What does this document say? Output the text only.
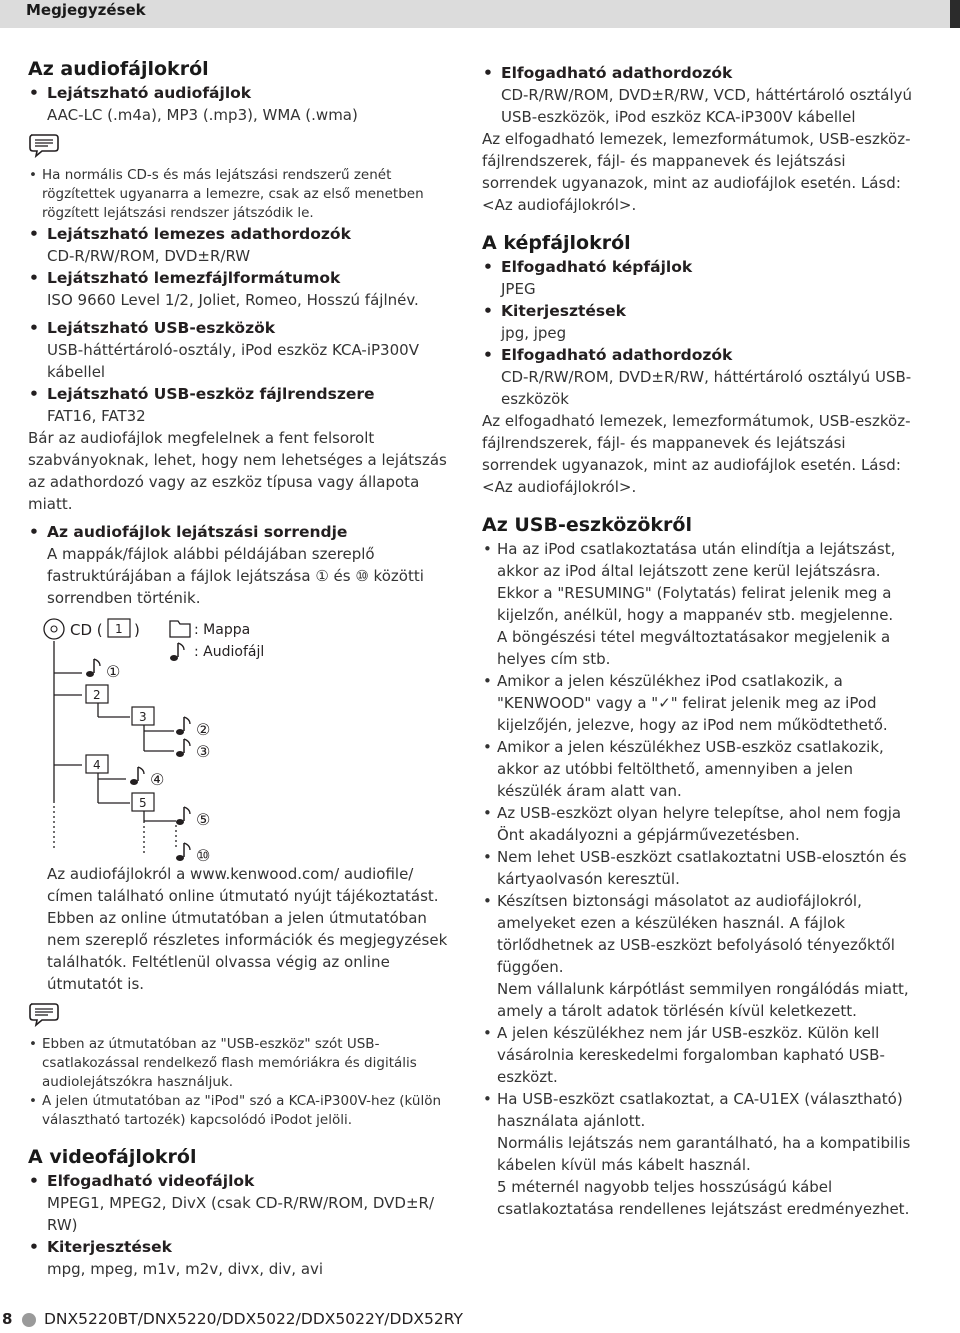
Megjegyzések
Az audiofájlokról
• Lejátszható audiofájlok
AAC-LC (.m4a), MP3 (.mp3), WMA (.wma)
• Ha normális CD-s és más lejátszási rendszerű zenét rögzítettek ugyanarra a lemezre, csak az első menetben rögzített lejátszási rendszer játszódik le.
• Lejátszható lemezes adathordozók
CD-R/RW/ROM, DVD±R/RW
• Lejátszható lemezfájlformátumok
ISO 9660 Level 1/2, Joliet, Romeo, Hosszú fájlnév.
• Lejátszható USB-eszközök
USB-háttértároló-osztály, iPod eszköz KCA-iP300V kábellel
• Lejátszható USB-eszköz fájlrendszere
FAT16, FAT32
Bár az audiofájlok megfelelnek a fent felsorolt szabványoknak, lehet, hogy nem lehetséges a lejátszás az adathordozó vagy az eszköz típusa vagy állapota miatt.
• Az audiofájlok lejátszási sorrendje
A mappák/fájlok alábbi példájában szereplő fastruktúrájában a fájlok lejátszása ① és ⑩ közötti sorrendben történik.
CD ( 1 )	: Mappa
: Audiofájl
①
2
3
②
③
4
④
5
⑤
⑩
Az audiofájlokról a www.kenwood.com/ audiofile/ címen található online útmutató nyújt tájékoztatást. Ebben az online útmutatóban a jelen útmutatóban nem szereplő részletes információk és megjegyzések találhatók. Feltétlenül olvassa végig az online útmutatót is.
• Ebben az útmutatóban az "USB-eszköz" szót USB-csatlakozással rendelkező flash memóriákra és digitális audiolejátszókra használjuk.
• A jelen útmutatóban az "iPod" szó a KCA-iP300V-hez (külön választható tartozék) kapcsolódó iPodot jelöli.
A videofájlokról
• Elfogadható videofájlok
MPEG1, MPEG2, DivX (csak CD-R/RW/ROM, DVD±R/ RW)
• Kiterjesztések
mpg, mpeg, m1v, m2v, divx, div, avi
• Elfogadható adathordozók
CD-R/RW/ROM, DVD±R/RW, VCD, háttértároló osztályú USB-eszközök, iPod eszköz KCA-iP300V kábellel
Az elfogadható lemezek, lemezformátumok, USB-eszköz-fájlrendszerek, fájl- és mappanevek és lejátszási sorrendek ugyanazok, mint az audiofájlok esetén. Lásd: <Az audiofájlokról>.
A képfájlokról
• Elfogadható képfájlok
JPEG
• Kiterjesztések
jpg, jpeg
• Elfogadható adathordozók
CD-R/RW/ROM, DVD±R/RW, háttértároló osztályú USB-eszközök
Az elfogadható lemezek, lemezformátumok, USB-eszköz-fájlrendszerek, fájl- és mappanevek és lejátszási sorrendek ugyanazok, mint az audiofájlok esetén. Lásd: <Az audiofájlokról>.
Az USB-eszközökről
• Ha az iPod csatlakoztatása után elindítja a lejátszást, akkor az iPod által lejátszott zene kerül lejátszásra.
Ekkor a "RESUMING" (Folytatás) felirat jelenik meg a kijelzőn, anélkül, hogy a mappanév stb. megjelenne.
A böngészési tétel megváltoztatásakor megjelenik a helyes cím stb.
• Amikor a jelen készülékhez iPod csatlakozik, a "KENWOOD" vagy a "✓" felirat jelenik meg az iPod kijelzőjén, jelezve, hogy az iPod nem működtethető.
• Amikor a jelen készülékhez USB-eszköz csatlakozik, akkor az utóbbi feltölthető, amennyiben a jelen készülék áram alatt van.
• Az USB-eszközt olyan helyre telepítse, ahol nem fogja Önt akadályozni a gépjárművezetésben.
• Nem lehet USB-eszközt csatlakoztatni USB-elosztón és kártyaolvasón keresztül.
• Készítsen biztonsági másolatot az audiofájlokról, amelyeket ezen a készüléken használ. A fájlok törlődhetnek az USB-eszközt befolyásoló tényezőktől függően.
Nem vállalunk kárpótlást semmilyen rongálódás miatt, amely a tárolt adatok törlésén kívül keletkezett.
• A jelen készülékhez nem jár USB-eszköz. Külön kell vásárolnia kereskedelmi forgalomban kapható USB-eszközt.
• Ha USB-eszközt csatlakoztat, a CA-U1EX (választható) használata ajánlott.
Normális lejátszás nem garantálható, ha a kompatibilis kábelen kívül más kábelt használ.
5 méternél nagyobb teljes hosszúságú kábel csatlakoztatása rendellenes lejátszást eredményezhet.
8 DNX5220BT/DNX5220/DDX5022/DDX5022Y/DDX52RY
